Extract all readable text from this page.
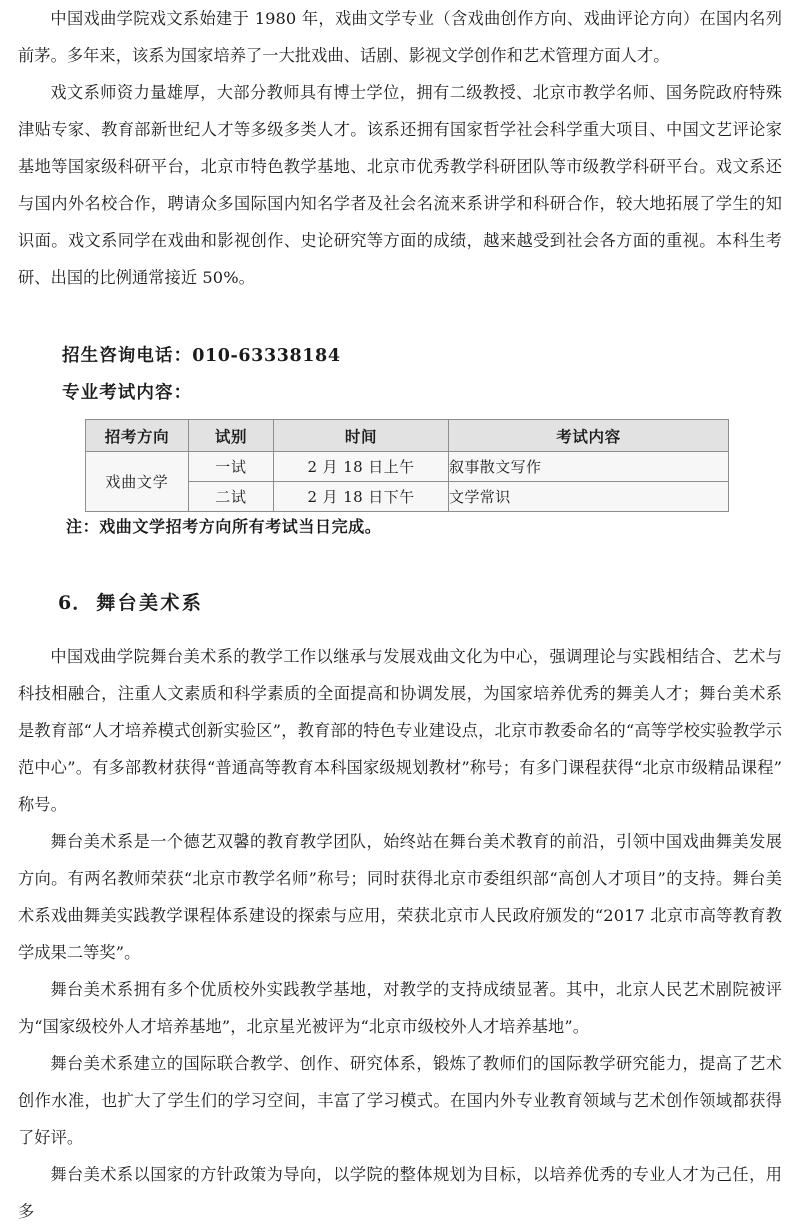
中国戏曲学院戏文系始建于 1980 年，戏曲文学专业（含戏曲创作方向、戏曲评论方向）在国内名列前茅。多年来，该系为国家培养了一大批戏曲、话剧、影视文学创作和艺术管理方面人才。

戏文系师资力量雄厚，大部分教师具有博士学位，拥有二级教授、北京市教学名师、国务院政府特殊津贴专家、教育部新世纪人才等多级多类人才。该系还拥有国家哲学社会科学重大项目、中国文艺评论家基地等国家级科研平台，北京市特色教学基地、北京市优秀教学科研团队等市级教学科研平台。戏文系还与国内外名校合作，聘请众多国际国内知名学者及社会名流来系讲学和科研合作，较大地拓展了学生的知识面。戏文系同学在戏曲和影视创作、史论研究等方面的成绩，越来越受到社会各方面的重视。本科生考研、出国的比例通常接近 50%。

招生咨询电话：010-63338184

专业考试内容：

招考方向	试别	时间	考试内容
戏曲文学	一试	2 月 18 日上午	叙事散文写作
	二试	2 月 18 日下午	文学常识

注：戏曲文学招考方向所有考试当日完成。

6． 舞台美术系

中国戏曲学院舞台美术系的教学工作以继承与发展戏曲文化为中心，强调理论与实践相结合、艺术与科技相融合，注重人文素质和科学素质的全面提高和协调发展，为国家培养优秀的舞美人才；舞台美术系是教育部“人才培养模式创新实验区”，教育部的特色专业建设点，北京市教委命名的“高等学校实验教学示范中心”。有多部教材获得“普通高等教育本科国家级规划教材”称号；有多门课程获得“北京市级精品课程”称号。

舞台美术系是一个德艺双馨的教育教学团队，始终站在舞台美术教育的前沿，引领中国戏曲舞美发展方向。有两名教师荣获“北京市教学名师”称号；同时获得北京市委组织部“高创人才项目”的支持。舞台美术系戏曲舞美实践教学课程体系建设的探索与应用，荣获北京市人民政府颁发的“2017 北京市高等教育教学成果二等奖”。

舞台美术系拥有多个优质校外实践教学基地，对教学的支持成绩显著。其中，北京人民艺术剧院被评为“国家级校外人才培养基地”，北京星光被评为“北京市级校外人才培养基地”。

舞台美术系建立的国际联合教学、创作、研究体系，锻炼了教师们的国际教学研究能力，提高了艺术创作水准，也扩大了学生们的学习空间，丰富了学习模式。在国内外专业教育领域与艺术创作领域都获得了好评。

舞台美术系以国家的方针政策为导向，以学院的整体规划为目标，以培养优秀的专业人才为己任，用多
